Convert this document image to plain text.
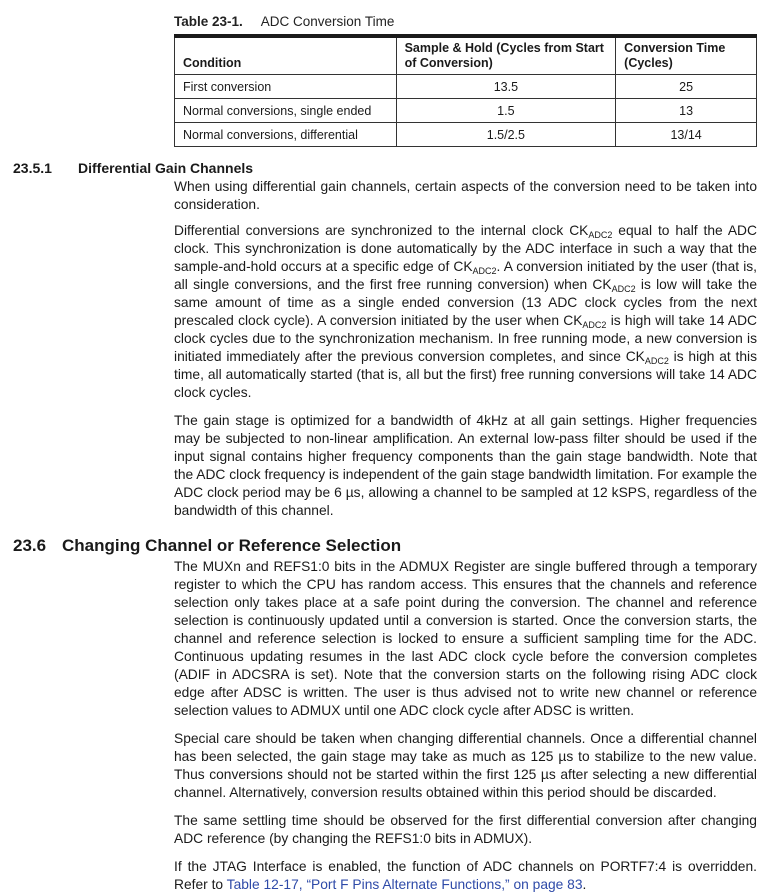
Table 23-1. ADC Conversion Time
Condition	Sample & Hold (Cycles from Start of Conversion)	Conversion Time (Cycles)
First conversion	13.5	25
Normal conversions, single ended	1.5	13
Normal conversions, differential	1.5/2.5	13/14
23.5.1 Differential Gain Channels

When using differential gain channels, certain aspects of the conversion need to be taken into consideration.

Differential conversions are synchronized to the internal clock $CK_{ADC2}$ equal to half the ADC clock. This synchronization is done automatically by the ADC interface in such a way that the sample-and-hold occurs at a specific edge of $CK_{ADC2}$. A conversion initiated by the user (that is, all single conversions, and the first free running conversion) when $CK_{ADC2}$ is low will take the same amount of time as a single ended conversion (13 ADC clock cycles from the next prescaled clock cycle). A conversion initiated by the user when $CK_{ADC2}$ is high will take 14 ADC clock cycles due to the synchronization mechanism. In free running mode, a new conversion is initiated immediately after the previous conversion completes, and since $CK_{ADC2}$ is high at this time, all automatically started (that is, all but the first) free running conversions will take 14 ADC clock cycles.

The gain stage is optimized for a bandwidth of 4kHz at all gain settings. Higher frequencies may be subjected to non-linear amplification. An external low-pass filter should be used if the input signal contains higher frequency components than the gain stage bandwidth. Note that the ADC clock frequency is independent of the gain stage bandwidth limitation. For example the ADC clock period may be 6 µs, allowing a channel to be sampled at 12 kSPS, regardless of the bandwidth of this channel.

23.6 Changing Channel or Reference Selection

The MUXn and REFS1:0 bits in the ADMUX Register are single buffered through a temporary register to which the CPU has random access. This ensures that the channels and reference selection only takes place at a safe point during the conversion. The channel and reference selection is continuously updated until a conversion is started. Once the conversion starts, the channel and reference selection is locked to ensure a sufficient sampling time for the ADC. Continuous updating resumes in the last ADC clock cycle before the conversion completes (ADIF in ADCSRA is set). Note that the conversion starts on the following rising ADC clock edge after ADSC is written. The user is thus advised not to write new channel or reference selection values to ADMUX until one ADC clock cycle after ADSC is written.

Special care should be taken when changing differential channels. Once a differential channel has been selected, the gain stage may take as much as 125 µs to stabilize to the new value. Thus conversions should not be started within the first 125 µs after selecting a new differential channel. Alternatively, conversion results obtained within this period should be discarded.

The same settling time should be observed for the first differential conversion after changing ADC reference (by changing the REFS1:0 bits in ADMUX).

If the JTAG Interface is enabled, the function of ADC channels on PORTF7:4 is overridden. Refer to Table 12-17, “Port F Pins Alternate Functions,” on page 83.
